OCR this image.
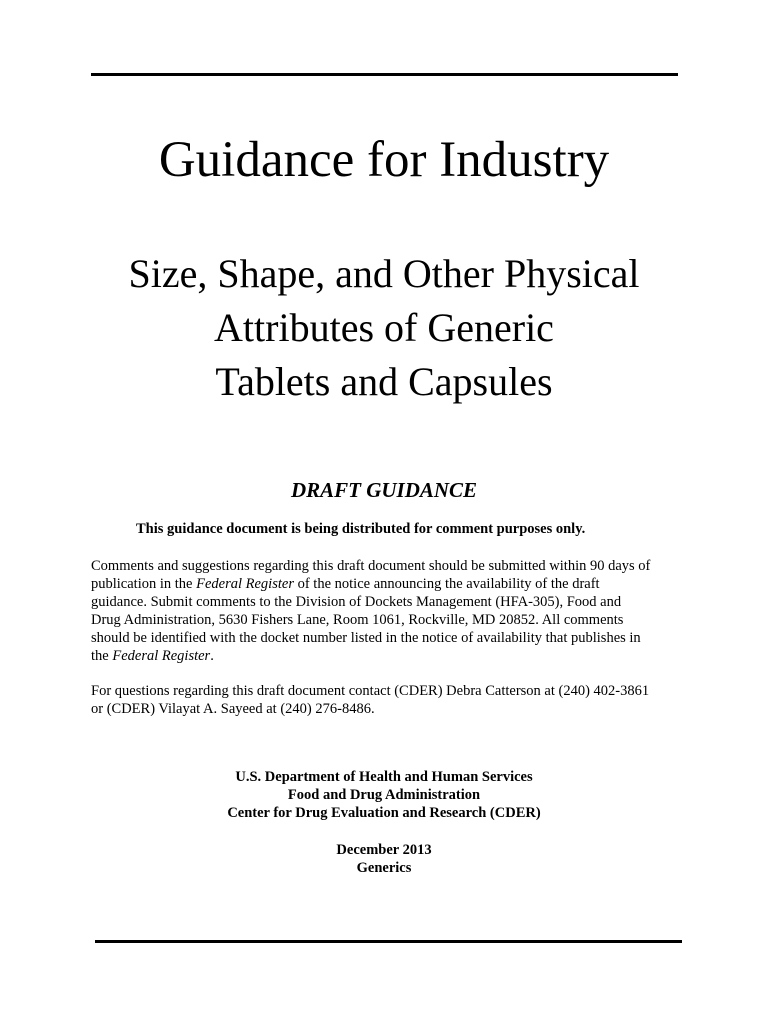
Guidance for Industry
Size, Shape, and Other Physical
Attributes of Generic
Tablets and Capsules
DRAFT GUIDANCE
This guidance document is being distributed for comment purposes only.
Comments and suggestions regarding this draft document should be submitted within 90 days of
publication in the Federal Register of the notice announcing the availability of the draft
guidance. Submit comments to the Division of Dockets Management (HFA-305), Food and
Drug Administration, 5630 Fishers Lane, Room 1061, Rockville, MD 20852. All comments
should be identified with the docket number listed in the notice of availability that publishes in
the Federal Register.
For questions regarding this draft document contact (CDER) Debra Catterson at (240) 402-3861
or (CDER) Vilayat A. Sayeed at (240) 276-8486.
U.S. Department of Health and Human Services
Food and Drug Administration
Center for Drug Evaluation and Research (CDER)
December 2013
Generics
